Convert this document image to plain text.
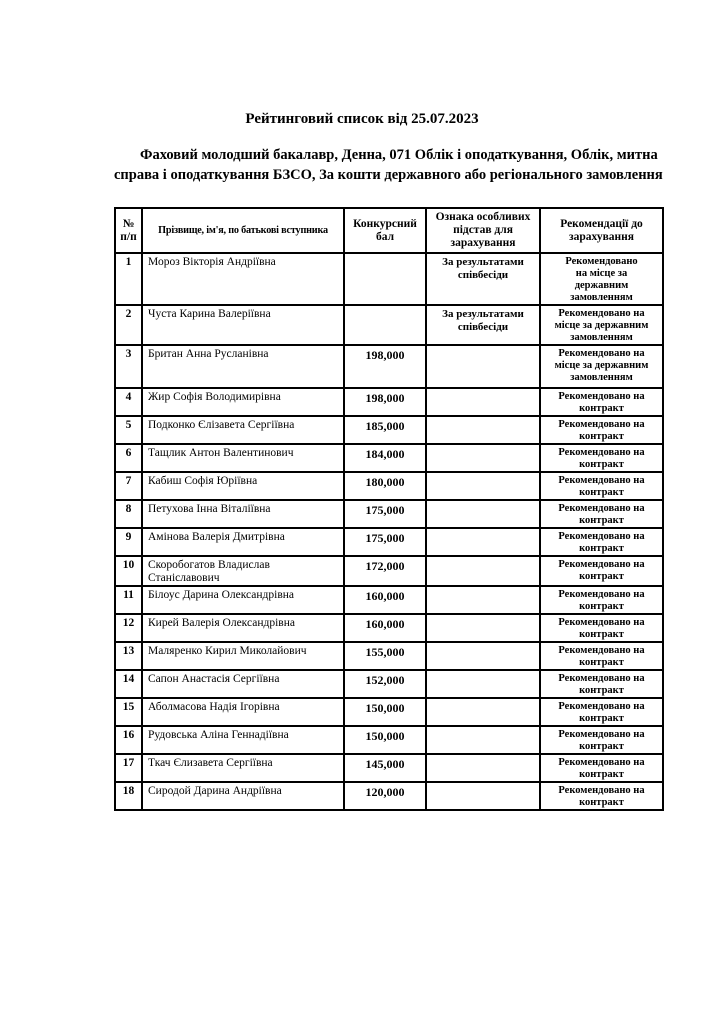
Рейтинговий список від 25.07.2023

Фаховий молодший бакалавр, Денна, 071 Облік і оподаткування, Облік, митна
справа і оподаткування БЗСО, За кошти державного або регіонального замовлення

№
п/п	Прізвище, ім'я, по батькові вступника	Конкурсний
бал	Ознака особливих
підстав для
зарахування	Рекомендації до
зарахування
1	Мороз Вікторія Андріївна		За результатами
співбесіди	Рекомендовано
на місце за
державним
замовленням
2	Чуста Карина Валеріївна		За результатами
співбесіди	Рекомендовано на
місце за державним
замовленням
3	Британ Анна Русланівна	198,000		Рекомендовано на
місце за державним
замовленням
4	Жир Софія Володимирівна	198,000		Рекомендовано на
контракт
5	Подконко Єлізавета Сергіївна	185,000		Рекомендовано на
контракт
6	Тащлик Антон Валентинович	184,000		Рекомендовано на
контракт
7	Кабиш Софія Юріївна	180,000		Рекомендовано на
контракт
8	Петухова Інна Віталіївна	175,000		Рекомендовано на
контракт
9	Амінова Валерія Дмитрівна	175,000		Рекомендовано на
контракт
10	Скоробогатов Владислав
Станіславович	172,000		Рекомендовано на
контракт
11	Білоус Дарина Олександрівна	160,000		Рекомендовано на
контракт
12	Кирей Валерія Олександрівна	160,000		Рекомендовано на
контракт
13	Маляренко Кирил Миколайович	155,000		Рекомендовано на
контракт
14	Сапон Анастасія Сергіївна	152,000		Рекомендовано на
контракт
15	Аболмасова Надія Ігорівна	150,000		Рекомендовано на
контракт
16	Рудовська Аліна Геннадіївна	150,000		Рекомендовано на
контракт
17	Ткач Єлизавета Сергіївна	145,000		Рекомендовано на
контракт
18	Сиродой Дарина Андріївна	120,000		Рекомендовано на
контракт
